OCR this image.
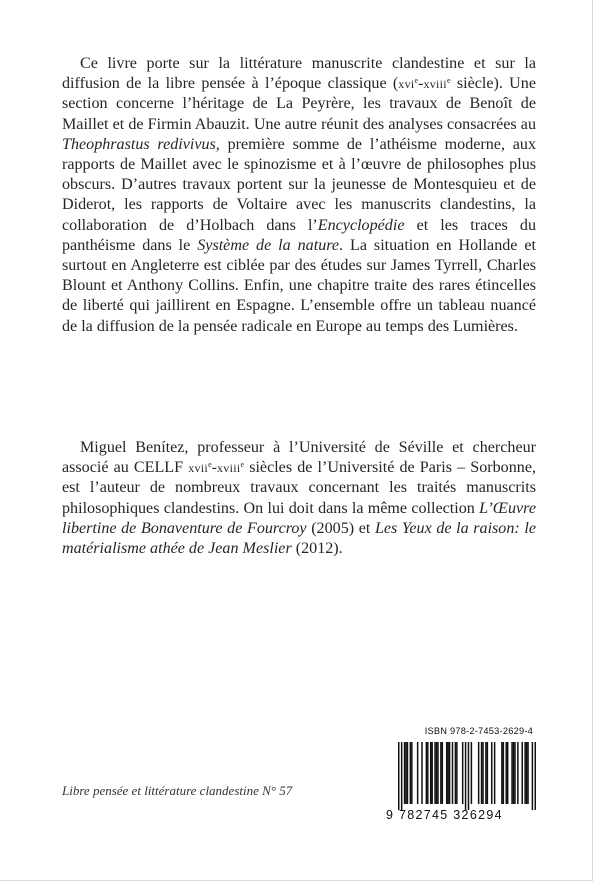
Ce livre porte sur la littérature manuscrite clandestine et sur la diffusion de la libre pensée à l’époque classique (xvi$^e$-xviii$^e$ siècle). Une section concerne l’héritage de La Peyrère, les travaux de Benoît de Maillet et de Firmin Abauzit. Une autre réunit des analyses consacrées au Theophrastus redivivus, première somme de l’athéisme moderne, aux rapports de Maillet avec le spinozisme et à l’œuvre de philosophes plus obscurs. D’autres travaux portent sur la jeunesse de Montesquieu et de Diderot, les rapports de Voltaire avec les manuscrits clandestins, la collaboration de d’Holbach dans l’Encyclopédie et les traces du panthéisme dans le Système de la nature. La situation en Hollande et surtout en Angleterre est ciblée par des études sur James Tyrrell, Charles Blount et Anthony Collins. Enfin, une chapitre traite des rares étincelles de liberté qui jaillirent en Espagne. L’ensemble offre un tableau nuancé de la diffusion de la pensée radicale en Europe au temps des Lumières.

Miguel Benítez, professeur à l’Université de Séville et chercheur associé au CELLF xvii$^e$-xviii$^e$ siècles de l’Université de Paris – Sorbonne, est l’auteur de nombreux travaux concernant les traités manuscrits philosophiques clandestins. On lui doit dans la même collection L’Œuvre libertine de Bonaventure de Fourcroy (2005) et Les Yeux de la raison: le matérialisme athée de Jean Meslier (2012).

Libre pensée et littérature clandestine N° 57

ISBN 978-2-7453-2629-4
9 782745 326294
